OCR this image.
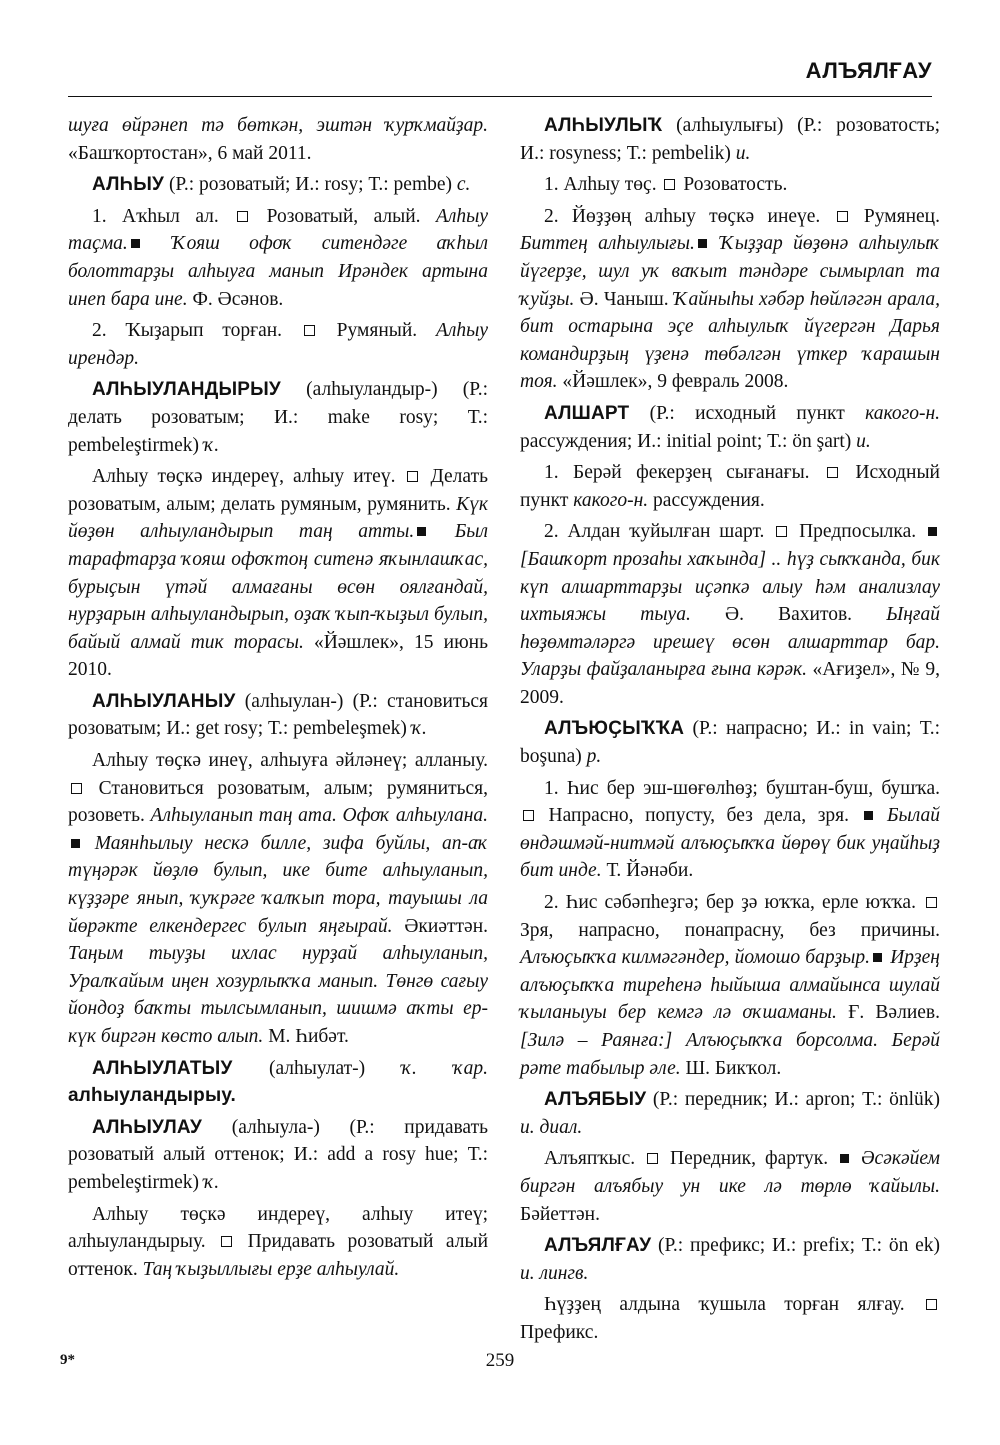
АЛЪЯЛҒАУ

шуға өйрәнеп тә бөткән, эштән ҡурҡмайҙар. «Башҡортостан», 6 май 2011.

АЛҺЫУ (Р.: розоватый; И.: rosy; Т.: pembe) с.

1. Аҡһыл ал.  Розоватый, алый. Алһыу таҫма. Ҡояш офоҡ ситендәге аҡһыл болоттарҙы алһыуға манып Ирәндек артына инеп бара ине. Ф. Әсәнов.

2. Ҡыҙарып торған.  Румяный. Алһыу ирендәр.

АЛҺЫУЛАНДЫРЫУ (алһыуландыр-) (Р.: делать розоватым; И.: make rosy; Т.: pembeleştirmek) ҡ.

Алһыу төҫкә индереү, алһыу итеү.  Делать розоватым, алым; делать румяным, румянить. Күк йөҙөн алһыуландырып таң атты. Был тарафтарҙа ҡояш офоҡтоң ситенә яҡынлашҡас, бурыҫын үтәй алмағаны өсөн оялғандай, нурҙарын алһыуландырып, оҙаҡ ҡып-ҡыҙыл булып, байый алмай тик торасы. «Йәшлек», 15 июнь 2010.

АЛҺЫУЛАНЫУ (алһыулан-) (Р.: становиться розоватым; И.: get rosy; Т.: pembeleşmek) ҡ.

Алһыу төҫкә инеү, алһыуға әйләнеү; алланыу.  Становиться розоватым, алым; румяниться, розоветь. Алһыуланып таң ата. Офоҡ алһыулана. Маянһылыу нескә билле, зифа буйлы, ап-аҡ түңәрәк йөҙлө булып, икe бите алһыуланып, күҙҙәре янып, ҡуҡрәге ҡалҡып тора, тауышы ла йөрәкте елкендергес булып яңғырай. Әкиәттән. Таңым тыуҙы ихлас нурҙай алһыуланып, Уралҡайым иңен хозурлыҡҡа манып. Төнгө сағыу йондоҙ баҡты тылсымланып, шишмә аҡты ер-күк биргән көсто алып. М. Һибәт.

АЛҺЫУЛАТЫУ (алһыулат-) ҡ. ҡар. алһыуландырыу.

АЛҺЫУЛАУ (алһыула-) (Р.: придавать розоватый алый оттенок; И.: add a rosy hue; Т.: pembeleştirmek) ҡ.

Алһыу төҫкә индереү, алһыу итеү; алһыуландырыу.  Придавать розоватый алый оттенок. Таң ҡыҙыллығы ерҙе алһыулай.

АЛҺЫУЛЫҠ (алһыулығы) (Р.: розоватость; И.: rosyness; Т.: pembelik) и.

1. Алһыу төҫ.  Розоватость.

2. Йөҙҙөң алһыу төҫкә инеүе.  Румянец. Биттең алһыулығы. Ҡыҙҙар йөҙөнә алһыулыҡ йүгерҙе, шул уҡ ваҡыт тәндәре сымырлап та ҡуйҙы. Ә. Чаныш. Ҡайныһы хәбәр һөйләгән арала, бит остарына эҫе алһыулыҡ йүгергән Дарья командирҙың үҙенә төбәлгән үткер ҡарашын тоя. «Йәшлек», 9 февраль 2008.

АЛШАРТ (Р.: исходный пункт какого-н. рассуждения; И.: initial point; Т.: ön şart) и.

1. Берәй фекерҙең сығанағы.  Исходный пункт какого-н. рассуждения.

2. Алдан ҡуйылған шарт.  Предпосылка.  [Башҡорт прозаһы хаҡында] .. һүҙ сыҡҡанда, бик күп алшарттарҙы иҫәпкә алыу һәм анализлау ихтыяжы тыуа. Ә. Вахитов. Ыңғай һөҙөмтәләргә ирешеү өсөн алшарттар бар. Уларҙы файҙаланырға ғына кәрәк. «Ағиҙел», № 9, 2009.

АЛЪЮҪЫҠҠА (Р.: напрасно; И.: in vain; Т.: boşuna) р.

1. Һис бер эш-шөғөлһөҙ; буштан-буш, бушҡа.  Напрасно, попусту, без дела, зря.  Былай өндәшмәй-нитмәй алъюҫыҡҡа йөрөү бик уңайһыҙ бит инде. Т. Йәнәби.

2. Һис сәбәпһеҙгә; бер ҙә юҡҡа, ерле юҡҡа.  Зря, напрасно, понапрасну, без причины. Алъюҫыҡҡа килмәгәндер, йомошо барҙыр. Ирҙең алъюҫыҡҡа тиреһенә һыйыша алмайынса шулай ҡыланыуы бер кемгә лә оҡшаманы. Ғ. Вәлиев. [Зилә – Раянға:] Алъюҫыҡҡа борсолма. Берәй рәте табылыр әле. Ш. Бикҡол.

АЛЪЯБЫУ (Р.: передник; И.: apron; Т.: önlük) и. диал.

Алъяпҡыс.  Передник, фартук.  Әсәкәйем биргән алъябыу ун ике лә төрлө ҡайылы. Бәйеттән.

АЛЪЯЛҒАУ (Р.: префикс; И.: prefix; Т.: ön ek) и. лингв.

Һүҙҙең алдына ҡушыла торған ялғау.  Префикс.

9*	259
